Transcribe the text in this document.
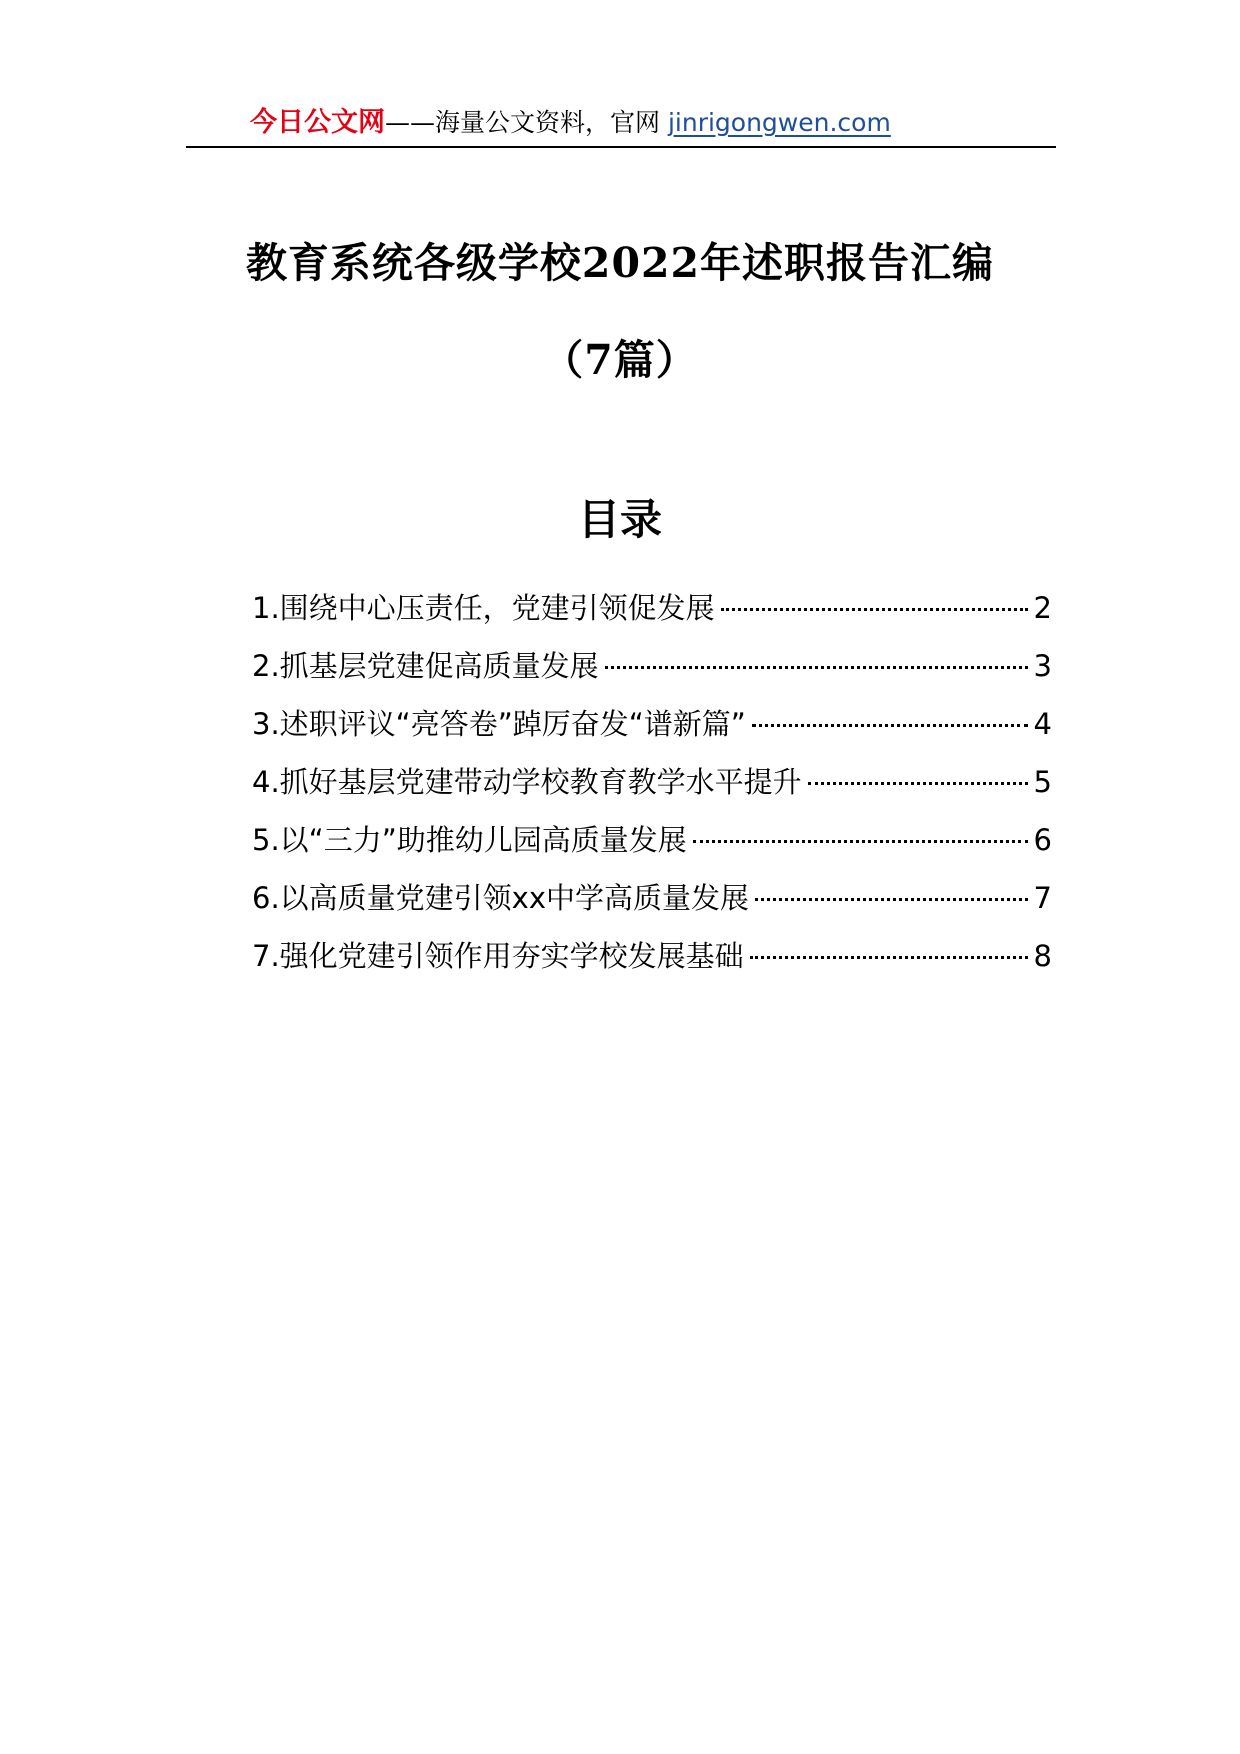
今日公文网——海量公文资料，官网 jinrigongwen.com
教育系统各级学校2022年述职报告汇编
（7篇）
目录
1.围绕中心压责任，党建引领促发展	2
2.抓基层党建促高质量发展	3
3.述职评议“亮答卷”踔厉奋发“谱新篇”	4
4.抓好基层党建带动学校教育教学水平提升	5
5.以“三力”助推幼儿园高质量发展	6
6.以高质量党建引领xx中学高质量发展	7
7.强化党建引领作用夯实学校发展基础	8
